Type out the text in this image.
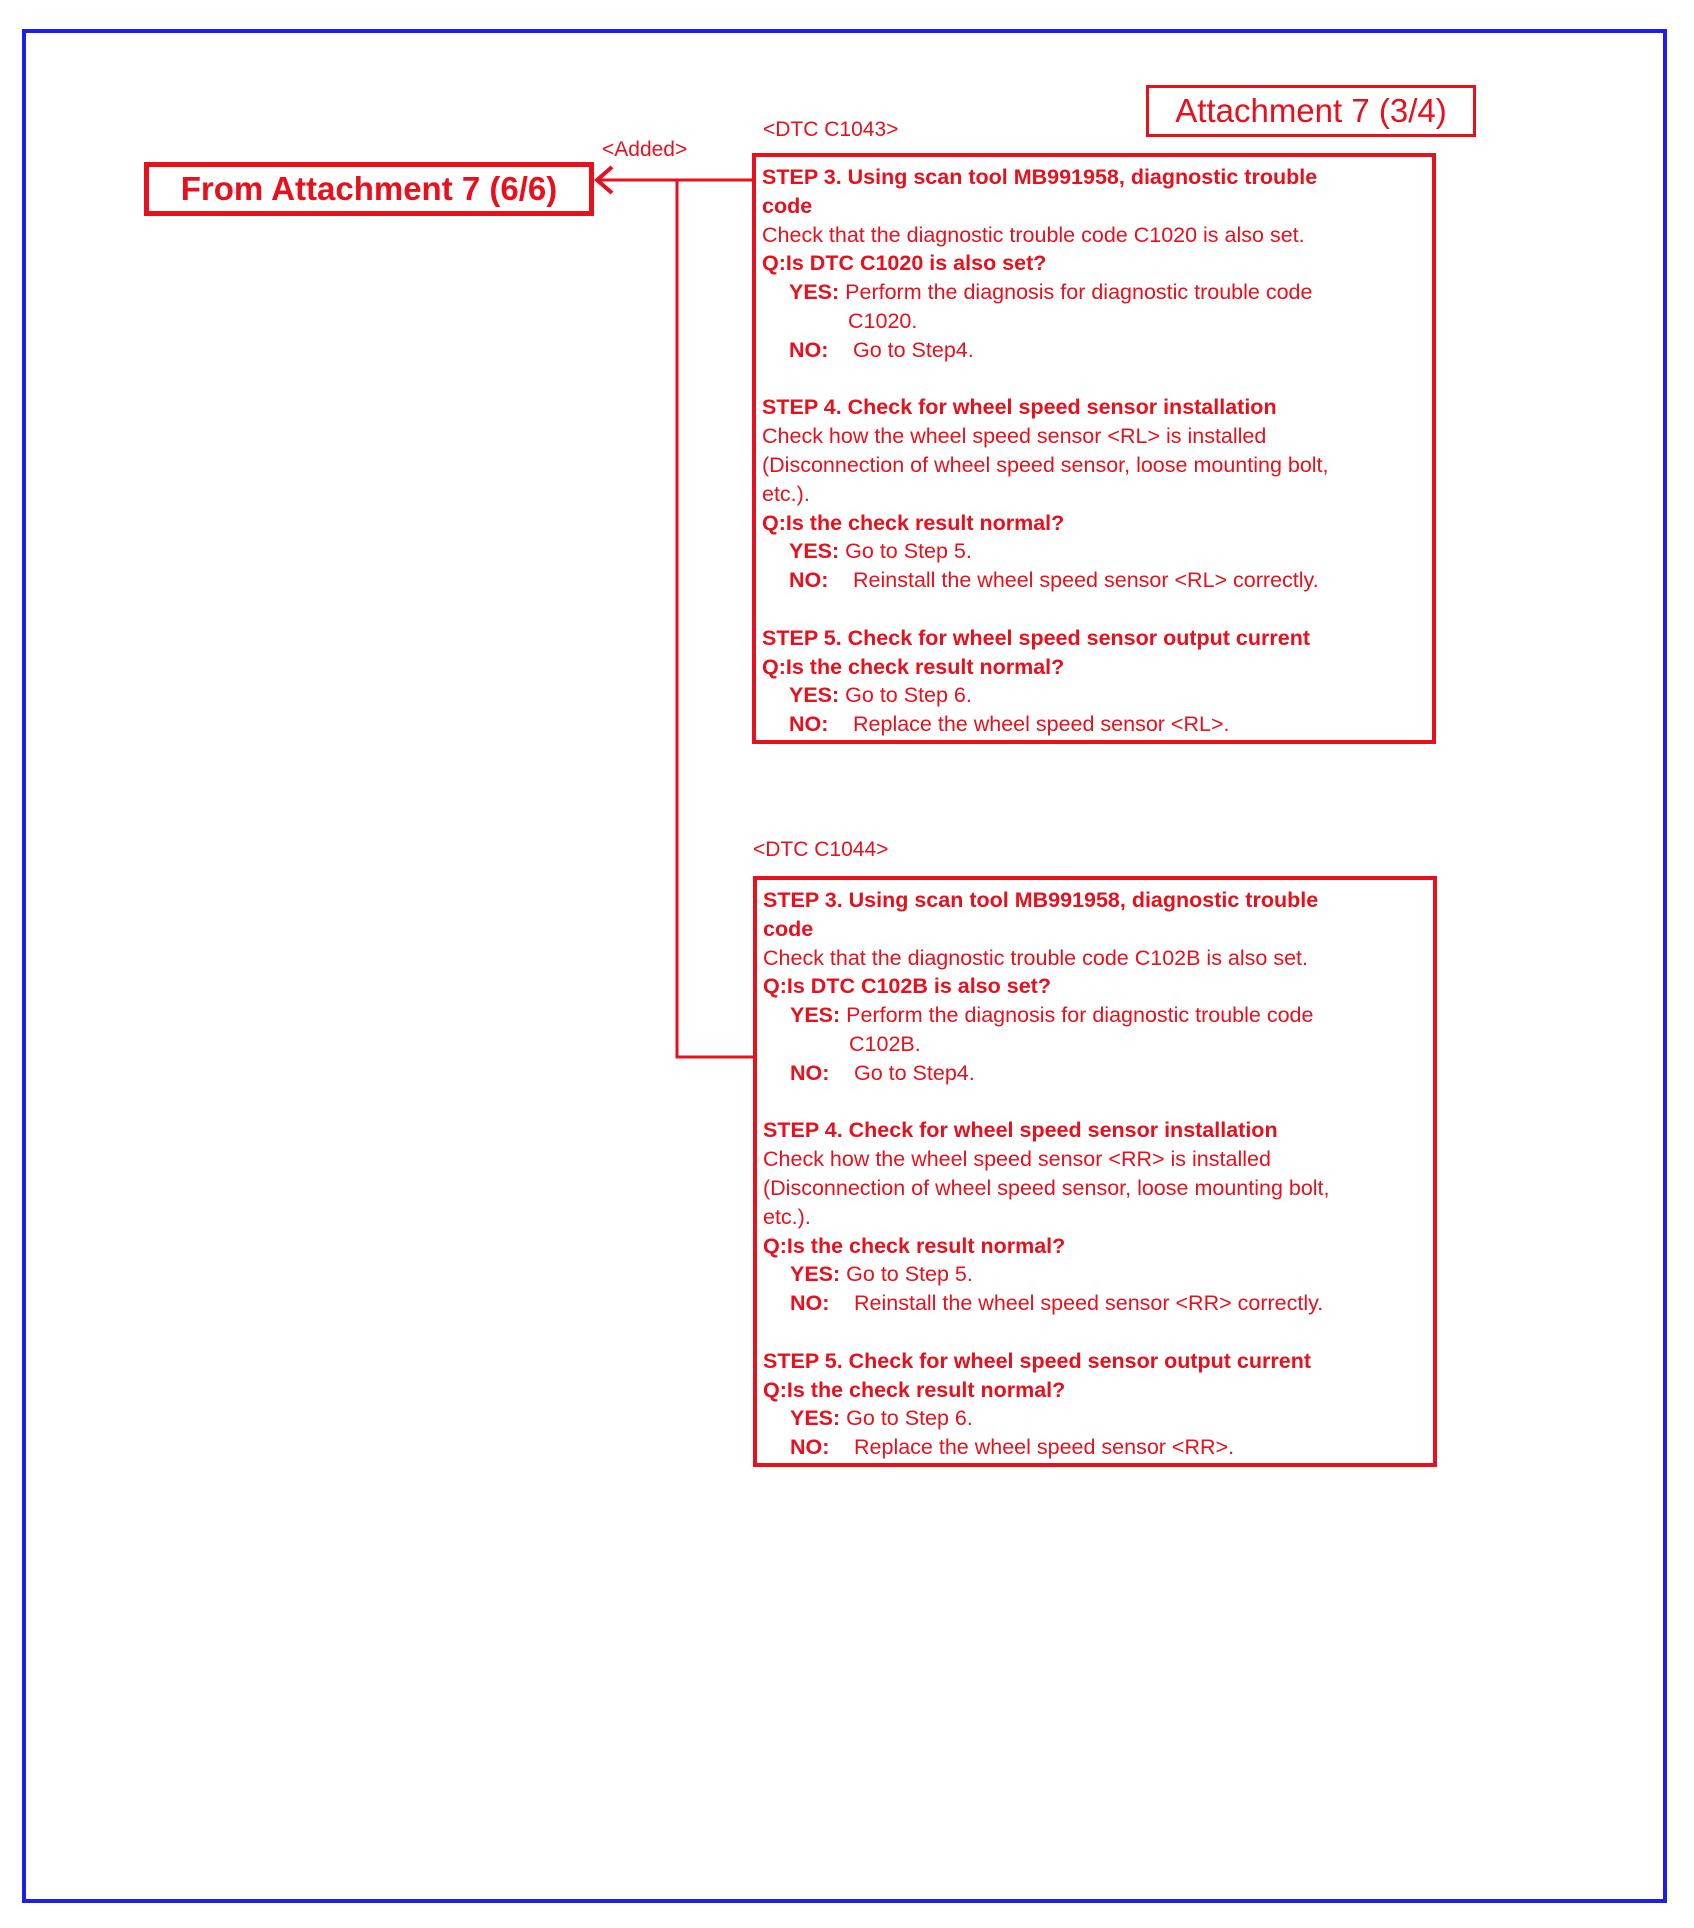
Attachment 7 (3/4)
From Attachment 7 (6/6)
<Added>
<DTC C1043>
STEP 3. Using scan tool MB991958, diagnostic trouble
code
Check that the diagnostic trouble code C1020 is also set.
Q:Is DTC C1020 is also set?
YES: Perform the diagnosis for diagnostic trouble code
C1020.
NO: Go to Step4.
STEP 4. Check for wheel speed sensor installation
Check how the wheel speed sensor <RL> is installed
(Disconnection of wheel speed sensor, loose mounting bolt,
etc.).
Q:Is the check result normal?
YES: Go to Step 5.
NO: Reinstall the wheel speed sensor <RL> correctly.
STEP 5. Check for wheel speed sensor output current
Q:Is the check result normal?
YES: Go to Step 6.
NO: Replace the wheel speed sensor <RL>.
<DTC C1044>
STEP 3. Using scan tool MB991958, diagnostic trouble
code
Check that the diagnostic trouble code C102B is also set.
Q:Is DTC C102B is also set?
YES: Perform the diagnosis for diagnostic trouble code
C102B.
NO: Go to Step4.
STEP 4. Check for wheel speed sensor installation
Check how the wheel speed sensor <RR> is installed
(Disconnection of wheel speed sensor, loose mounting bolt,
etc.).
Q:Is the check result normal?
YES: Go to Step 5.
NO: Reinstall the wheel speed sensor <RR> correctly.
STEP 5. Check for wheel speed sensor output current
Q:Is the check result normal?
YES: Go to Step 6.
NO: Replace the wheel speed sensor <RR>.
